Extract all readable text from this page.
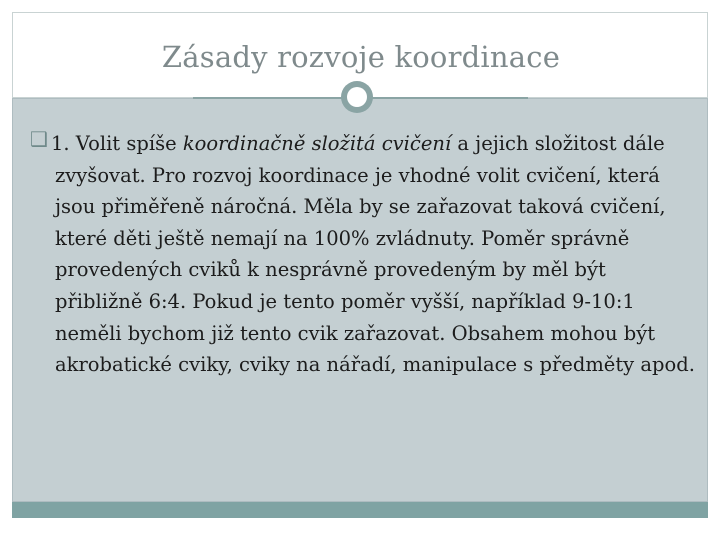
Zásady rozvoje koordinace
❑ 1. Volit spíše koordinačně složitá cvičení a jejich složitost dále zvyšovat. Pro rozvoj koordinace je vhodné volit cvičení, která jsou přiměřeně náročná. Měla by se zařazovat taková cvičení, které děti ještě nemají na 100% zvládnuty. Poměr správně provedených cviků k nesprávně provedeným by měl být přibližně 6:4. Pokud je tento poměr vyšší, například 9-10:1 neměli bychom již tento cvik zařazovat. Obsahem mohou být akrobatické cviky, cviky na nářadí, manipulace s předměty apod.
